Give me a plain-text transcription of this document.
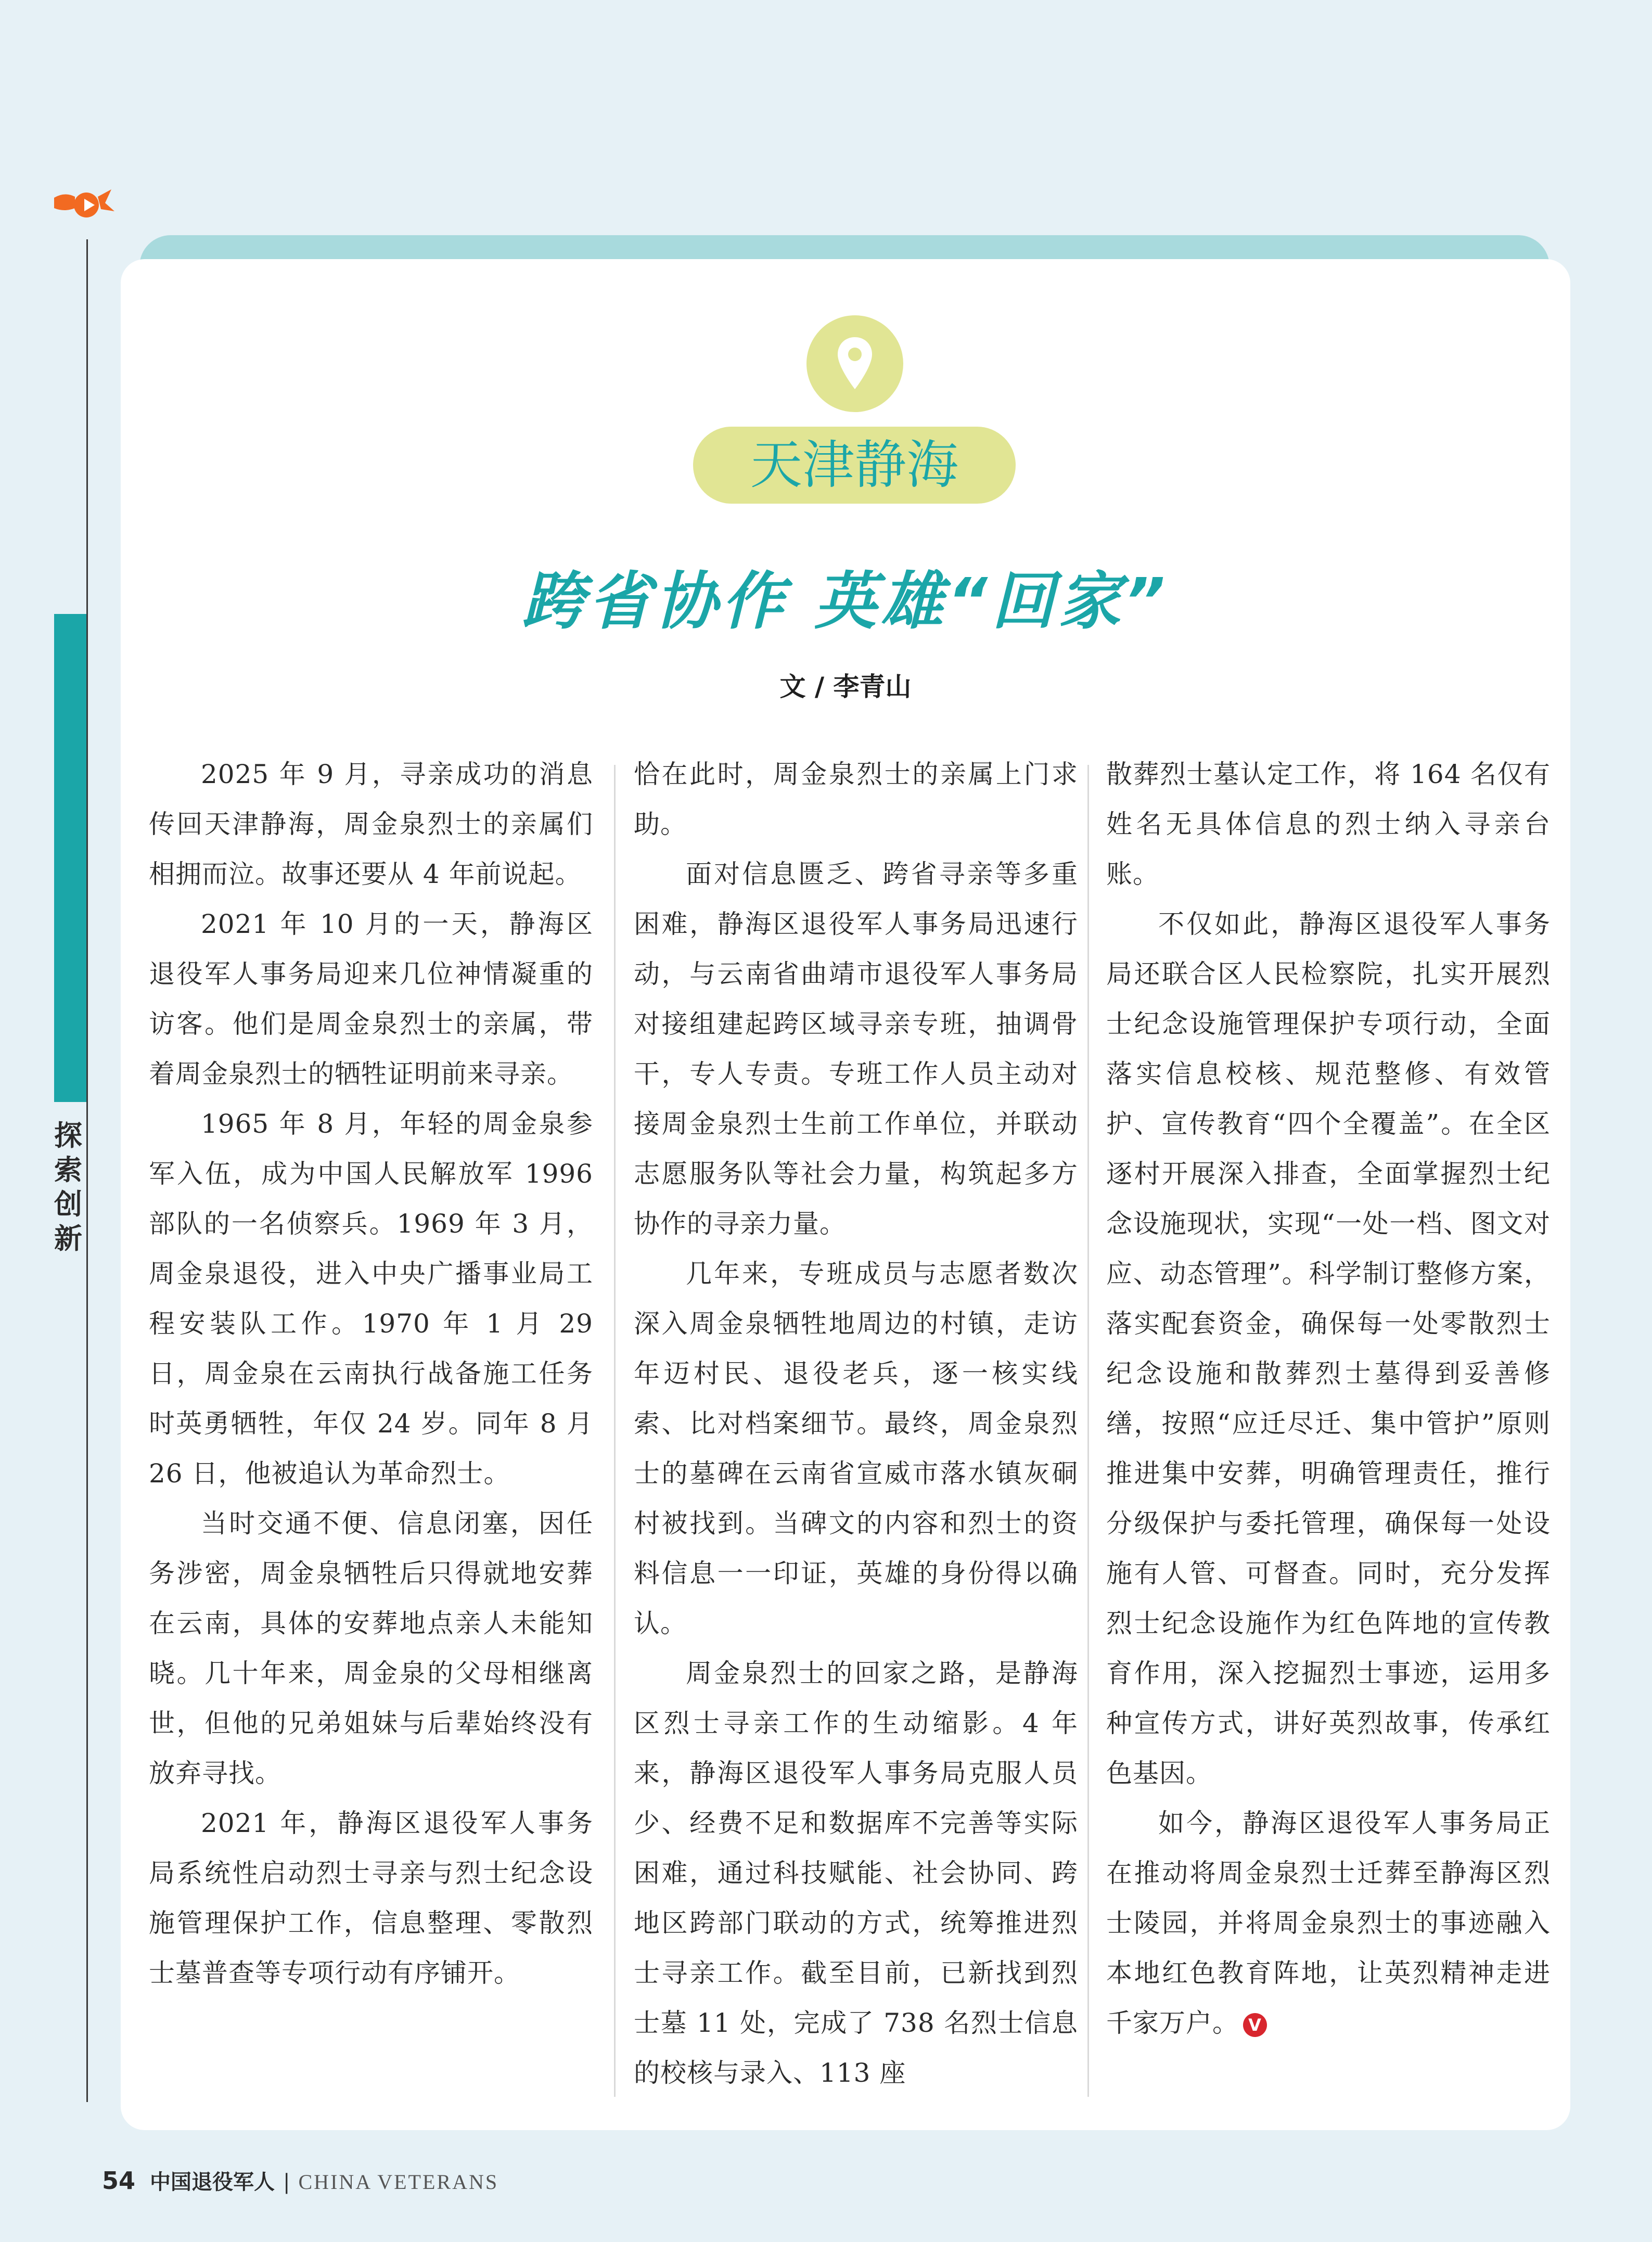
探索创新
天津静海
跨省协作 英雄“回家”
文 / 李青山

2025 年 9 月，寻亲成功的消息传回天津静海，周金泉烈士的亲属们相拥而泣。故事还要从 4 年前说起。

2021 年 10 月的一天，静海区退役军人事务局迎来几位神情凝重的访客。他们是周金泉烈士的亲属，带着周金泉烈士的牺牲证明前来寻亲。

1965 年 8 月，年轻的周金泉参军入伍，成为中国人民解放军 1996 部队的一名侦察兵。1969 年 3 月，周金泉退役，进入中央广播事业局工程安装队工作。1970 年 1 月 29 日，周金泉在云南执行战备施工任务时英勇牺牲，年仅 24 岁。同年 8 月 26 日，他被追认为革命烈士。

当时交通不便、信息闭塞，因任务涉密，周金泉牺牲后只得就地安葬在云南，具体的安葬地点亲人未能知晓。几十年来，周金泉的父母相继离世，但他的兄弟姐妹与后辈始终没有放弃寻找。

2021 年，静海区退役军人事务局系统性启动烈士寻亲与烈士纪念设施管理保护工作，信息整理、零散烈士墓普查等专项行动有序铺开。

恰在此时，周金泉烈士的亲属上门求助。

面对信息匮乏、跨省寻亲等多重困难，静海区退役军人事务局迅速行动，与云南省曲靖市退役军人事务局对接组建起跨区域寻亲专班，抽调骨干，专人专责。专班工作人员主动对接周金泉烈士生前工作单位，并联动志愿服务队等社会力量，构筑起多方协作的寻亲力量。

几年来，专班成员与志愿者数次深入周金泉牺牲地周边的村镇，走访年迈村民、退役老兵，逐一核实线索、比对档案细节。最终，周金泉烈士的墓碑在云南省宣威市落水镇灰硐村被找到。当碑文的内容和烈士的资料信息一一印证，英雄的身份得以确认。

周金泉烈士的回家之路，是静海区烈士寻亲工作的生动缩影。4 年来，静海区退役军人事务局克服人员少、经费不足和数据库不完善等实际困难，通过科技赋能、社会协同、跨地区跨部门联动的方式，统筹推进烈士寻亲工作。截至目前，已新找到烈士墓 11 处，完成了 738 名烈士信息的校核与录入、113 座

散葬烈士墓认定工作，将 164 名仅有姓名无具体信息的烈士纳入寻亲台账。

不仅如此，静海区退役军人事务局还联合区人民检察院，扎实开展烈士纪念设施管理保护专项行动，全面落实信息校核、规范整修、有效管护、宣传教育“四个全覆盖”。在全区逐村开展深入排查，全面掌握烈士纪念设施现状，实现“一处一档、图文对应、动态管理”。科学制订整修方案，落实配套资金，确保每一处零散烈士纪念设施和散葬烈士墓得到妥善修缮，按照“应迁尽迁、集中管护”原则推进集中安葬，明确管理责任，推行分级保护与委托管理，确保每一处设施有人管、可督查。同时，充分发挥烈士纪念设施作为红色阵地的宣传教育作用，深入挖掘烈士事迹，运用多种宣传方式，讲好英烈故事，传承红色基因。

如今，静海区退役军人事务局正在推动将周金泉烈士迁葬至静海区烈士陵园，并将周金泉烈士的事迹融入本地红色教育阵地，让英烈精神走进千家万户。 V

54 中国退役军人 | CHINA VETERANS
